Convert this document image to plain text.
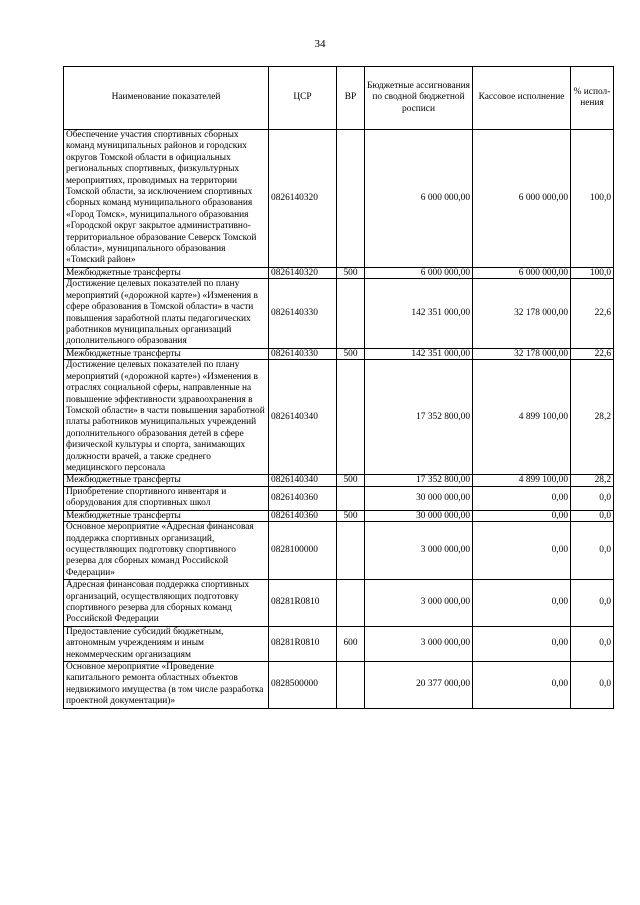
34
Наименование показателей	ЦСР	ВР	Бюджетные ассигнования по сводной бюджетной росписи	Кассовое исполнение	% испол-нения
Обеспечение участия спортивных сборных команд муниципальных районов и городских округов Томской области в официальных региональных спортивных, физкультурных мероприятиях, проводимых на территории Томской области, за исключением спортивных сборных команд муниципального образования «Город Томск», муниципального образования «Городской округ закрытое административно-территориальное образование Северск Томской области», муниципального образования «Томский район»	0826140320		6 000 000,00	6 000 000,00	100,0
Межбюджетные трансферты	0826140320	500	6 000 000,00	6 000 000,00	100,0
Достижение целевых показателей по плану мероприятий («дорожной карте») «Изменения в сфере образования в Томской области» в части повышения заработной платы педагогических работников муниципальных организаций дополнительного образования	0826140330		142 351 000,00	32 178 000,00	22,6
Межбюджетные трансферты	0826140330	500	142 351 000,00	32 178 000,00	22,6
Достижение целевых показателей по плану мероприятий («дорожной карте») «Изменения в отраслях социальной сферы, направленные на повышение эффективности здравоохранения в Томской области» в части повышения заработной платы работников муниципальных учреждений дополнительного образования детей в сфере физической культуры и спорта, занимающих должности врачей, а также среднего медицинского персонала	0826140340		17 352 800,00	4 899 100,00	28,2
Межбюджетные трансферты	0826140340	500	17 352 800,00	4 899 100,00	28,2
Приобретение спортивного инвентаря и оборудования для спортивных школ	0826140360		30 000 000,00	0,00	0,0
Межбюджетные трансферты	0826140360	500	30 000 000,00	0,00	0,0
Основное мероприятие «Адресная финансовая поддержка спортивных организаций, осуществляющих подготовку спортивного резерва для сборных команд Российской Федерации»	0828100000		3 000 000,00	0,00	0,0
Адресная финансовая поддержка спортивных организаций, осуществляющих подготовку спортивного резерва для сборных команд Российской Федерации	08281R0810		3 000 000,00	0,00	0,0
Предоставление субсидий бюджетным, автономным учреждениям и иным некоммерческим организациям	08281R0810	600	3 000 000,00	0,00	0,0
Основное мероприятие «Проведение капитального ремонта областных объектов недвижимого имущества (в том числе разработка проектной документации)»	0828500000		20 377 000,00	0,00	0,0
